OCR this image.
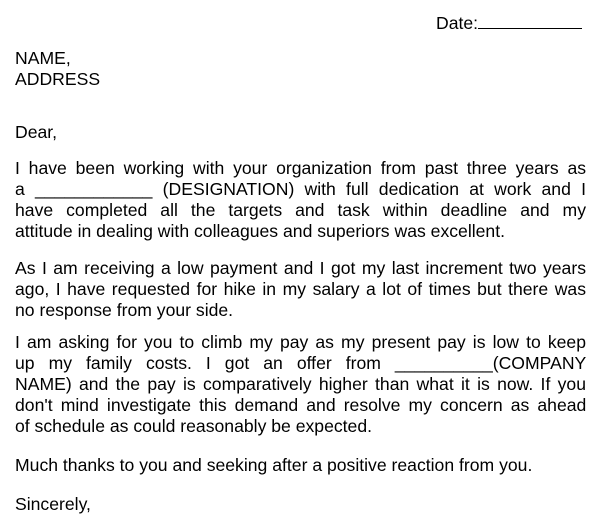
Date:
NAME,
ADDRESS
Dear,
I have been working with your organization from past three years as
a ____________ (DESIGNATION) with full dedication at work and I
have completed all the targets and task within deadline and my
attitude in dealing with colleagues and superiors was excellent.
As I am receiving a low payment and I got my last increment two years
ago, I have requested for hike in my salary a lot of times but there was
no response from your side.
I am asking for you to climb my pay as my present pay is low to keep
up my family costs. I got an offer from __________(COMPANY
NAME) and the pay is comparatively higher than what it is now. If you
don't mind investigate this demand and resolve my concern as ahead
of schedule as could reasonably be expected.
Much thanks to you and seeking after a positive reaction from you.
Sincerely,
